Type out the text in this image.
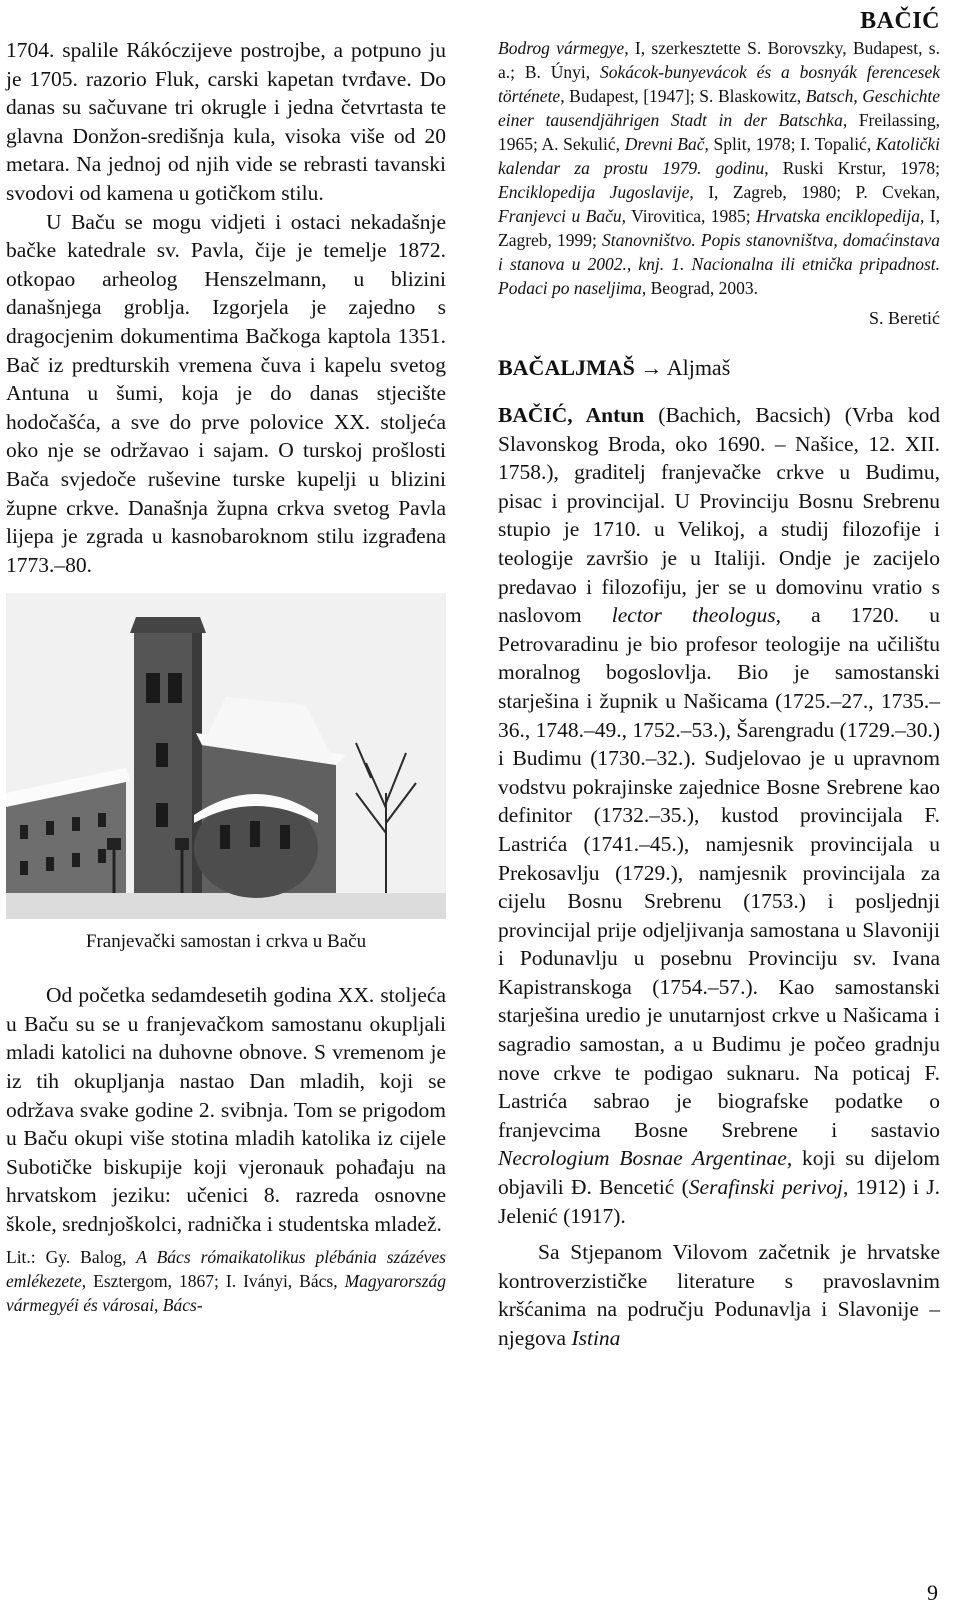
BAČIĆ

1704. spalile Rákóczijeve postrojbe, a potpuno ju je 1705. razorio Fluk, carski kapetan tvrđave. Do danas su sačuvane tri okrugle i jedna četvrtasta te glavna Donžon-središnja kula, visoka više od 20 metara. Na jednoj od njih vide se rebrasti tavanski svodovi od kamena u gotičkom stilu.

U Baču se mogu vidjeti i ostaci nekadašnje bačke katedrale sv. Pavla, čije je temelje 1872. otkopao arheolog Henszelmann, u blizini današnjega groblja. Izgorjela je zajedno s dragocjenim dokumentima Bačkoga kaptola 1351. Bač iz predturskih vremena čuva i kapelu svetog Antuna u šumi, koja je do danas stjecište hodočašća, a sve do prve polovice XX. stoljeća oko nje se održavao i sajam. O turskoj prošlosti Bača svjedoče ruševine turske kupelji u blizini župne crkve. Današnja župna crkva svetog Pavla lijepa je zgrada u kasnobaroknom stilu izgrađena 1773.–80.

Franjevački samostan i crkva u Baču

Od početka sedamdesetih godina XX. stoljeća u Baču su se u franjevačkom samostanu okupljali mladi katolici na duhovne obnove. S vremenom je iz tih okupljanja nastao Dan mladih, koji se održava svake godine 2. svibnja. Tom se prigodom u Baču okupi više stotina mladih katolika iz cijele Subotičke biskupije koji vjeronauk pohađaju na hrvatskom jeziku: učenici 8. razreda osnovne škole, srednjoškolci, radnička i studentska mladež.

Lit.: Gy. Balog, A Bács rómaikatolikus plébánia százéves emlékezete, Esztergom, 1867; I. Iványi, Bács, Magyarország vármegyéi és városai, Bács-

Bodrog vármegye, I, szerkesztette S. Borovszky, Budapest, s. a.; B. Únyi, Sokácok-bunyevácok és a bosnyák ferencesek története, Budapest, [1947]; S. Blaskowitz, Batsch, Geschichte einer tausendjährigen Stadt in der Batschka, Freilassing, 1965; A. Sekulić, Drevni Bač, Split, 1978; I. Topalić, Katolički kalendar za prostu 1979. godinu, Ruski Krstur, 1978; Enciklopedija Jugoslavije, I, Zagreb, 1980; P. Cvekan, Franjevci u Baču, Virovitica, 1985; Hrvatska enciklopedija, I, Zagreb, 1999; Stanovništvo. Popis stanovništva, domaćinstava i stanova u 2002., knj. 1. Nacionalna ili etnička pripadnost. Podaci po naseljima, Beograd, 2003.

S. Beretić
BAČALJMAŠ → Aljmaš

BAČIĆ, Antun (Bachich, Bacsich) (Vrba kod Slavonskog Broda, oko 1690. – Našice, 12. XII. 1758.), graditelj franjevačke crkve u Budimu, pisac i provincijal. U Provinciju Bosnu Srebrenu stupio je 1710. u Velikoj, a studij filozofije i teologije završio je u Italiji. Ondje je zacijelo predavao i filozofiju, jer se u domovinu vratio s naslovom lector theologus, a 1720. u Petrovaradinu je bio profesor teologije na učilištu moralnog bogoslovlja. Bio je samostanski starješina i župnik u Našicama (1725.–27., 1735.–36., 1748.–49., 1752.–53.), Šarengradu (1729.–30.) i Budimu (1730.–32.). Sudjelovao je u upravnom vodstvu pokrajinske zajednice Bosne Srebrene kao definitor (1732.–35.), kustod provincijala F. Lastrića (1741.–45.), namjesnik provincijala u Prekosavlju (1729.), namjesnik provincijala za cijelu Bosnu Srebrenu (1753.) i posljednji provincijal prije odjeljivanja samostana u Slavoniji i Podunavlju u posebnu Provinciju sv. Ivana Kapistranskoga (1754.–57.). Kao samostanski starješina uredio je unutarnjost crkve u Našicama i sagradio samostan, a u Budimu je počeo gradnju nove crkve te podigao suknaru. Na poticaj F. Lastrića sabrao je biografske podatke o franjevcima Bosne Srebrene i sastavio Necrologium Bosnae Argentinae, koji su dijelom objavili Đ. Bencetić (Serafinski perivoj, 1912) i J. Jelenić (1917).

Sa Stjepanom Vilovom začetnik je hrvatske kontroverzističke literature s pravoslavnim kršćanima na području Podunavlja i Slavonije – njegova Istina

9
